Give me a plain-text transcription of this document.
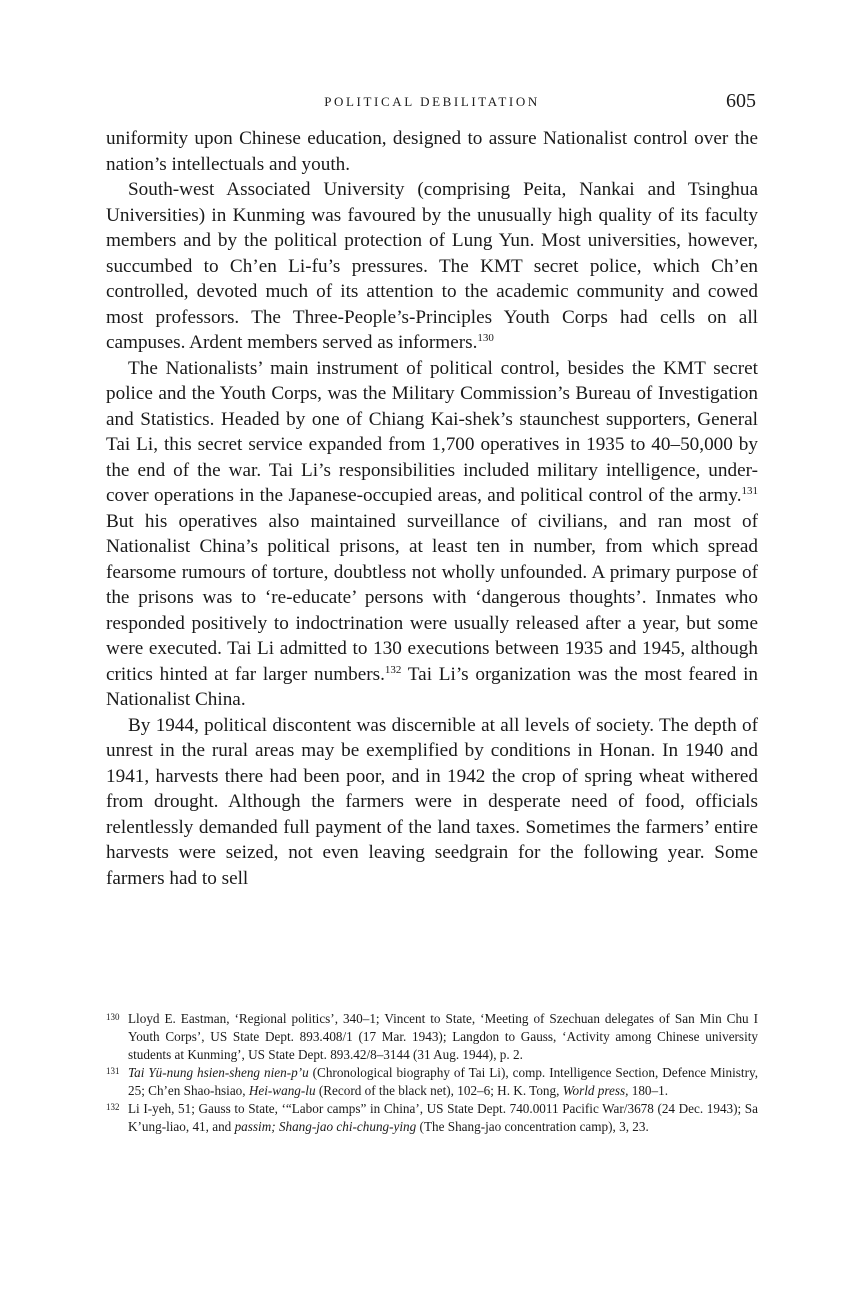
POLITICAL DEBILITATION	605

uniformity upon Chinese education, designed to assure Nationalist control over the nation’s intellectuals and youth.

South-west Associated University (comprising Peita, Nankai and Tsinghua Universities) in Kunming was favoured by the unusually high quality of its faculty members and by the political protection of Lung Yun. Most universities, however, succumbed to Ch’en Li-fu’s pressures. The KMT secret police, which Ch’en controlled, devoted much of its attention to the academic community and cowed most professors. The Three-People’s-Principles Youth Corps had cells on all campuses. Ardent members served as informers.$^{130}$

The Nationalists’ main instrument of political control, besides the KMT secret police and the Youth Corps, was the Military Commission’s Bureau of Investigation and Statistics. Headed by one of Chiang Kai-shek’s staunchest supporters, General Tai Li, this secret service expanded from 1,700 operatives in 1935 to 40–50,000 by the end of the war. Tai Li’s responsibilities included military intelligence, under-cover operations in the Japanese-occupied areas, and political control of the army.$^{131}$ But his operatives also maintained surveillance of civilians, and ran most of Nationalist China’s political prisons, at least ten in number, from which spread fearsome rumours of torture, doubtless not wholly unfounded. A primary purpose of the prisons was to ‘re-educate’ persons with ‘dangerous thoughts’. Inmates who responded positively to indoctrination were usually released after a year, but some were executed. Tai Li admitted to 130 executions between 1935 and 1945, although critics hinted at far larger numbers.$^{132}$ Tai Li’s organization was the most feared in Nationalist China.

By 1944, political discontent was discernible at all levels of society. The depth of unrest in the rural areas may be exemplified by conditions in Honan. In 1940 and 1941, harvests there had been poor, and in 1942 the crop of spring wheat withered from drought. Although the farmers were in desperate need of food, officials relentlessly demanded full payment of the land taxes. Sometimes the farmers’ entire harvests were seized, not even leaving seedgrain for the following year. Some farmers had to sell

130 Lloyd E. Eastman, ‘Regional politics’, 340–1; Vincent to State, ‘Meeting of Szechuan delegates of San Min Chu I Youth Corps’, US State Dept. 893.408/1 (17 Mar. 1943); Langdon to Gauss, ‘Activity among Chinese university students at Kunming’, US State Dept. 893.42/8–3144 (31 Aug. 1944), p. 2.
131 Tai Yü-nung hsien-sheng nien-p’u (Chronological biography of Tai Li), comp. Intelligence Section, Defence Ministry, 25; Ch’en Shao-hsiao, Hei-wang-lu (Record of the black net), 102–6; H. K. Tong, World press, 180–1.
132 Li I-yeh, 51; Gauss to State, ‘“Labor camps” in China’, US State Dept. 740.0011 Pacific War/3678 (24 Dec. 1943); Sa K’ung-liao, 41, and passim; Shang-jao chi-chung-ying (The Shang-jao concentration camp), 3, 23.
